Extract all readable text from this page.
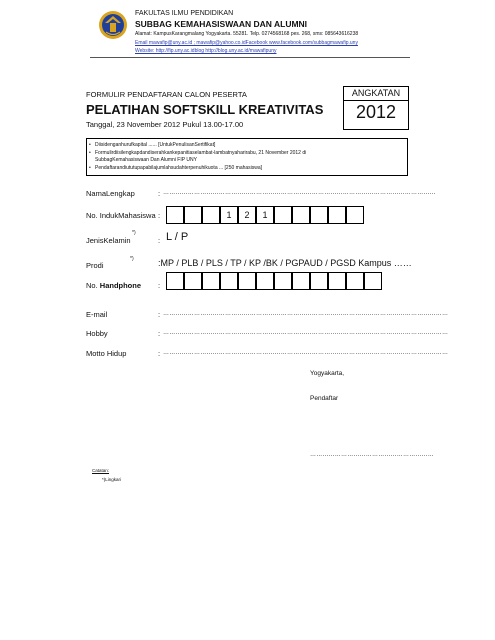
FAKULTAS ILMU PENDIDIKAN
SUBBAG KEMAHASISWAAN DAN ALUMNI
Alamat: KampusKarangmalang Yogyakarta. 55281. Telp. 0274568168 pes. 268, sms: 085643616238
Email mawafip@uny.ac.id ; mawafip@yahoo.co.idFacebook www.facebook.com/subbagmawafip.uny
Website: http://fip.uny.ac.idblog http://blog.uny.ac.id/mawafipuny
FORMULIR PENDAFTARAN CALON PESERTA
PELATIHAN SOFTSKILL KREATIVITAS
Tanggal, 23 November 2012 Pukul 13.00-17.00
ANGKATAN
2012
• Diisidenganhurufkapital ...... [UntukPenulisanSertifikat]
• Formulirdiisilengkapdandiserahkankepanitiaselambat-lambatnyaharirabu, 21 November 2012 di
SubbagKemahasiswaan Dan Alumni FIP UNY
• Pendaftarandiututupapabilajumlahsudahterpenuhikuota ... [250 mahasiswa]
NamaLengkap	: ……………………………………………………………………………………………………………………
No. IndukMahasiswa :	1	2	1
JenisKelamin
*)
: L / P
Prodi
*)	:MP / PLB / PLS / TP / KP /BK / PGPAUD / PGSD Kampus ……
No. Handphone :
E-mail	: …………………………………………………………………………………………………………………………
Hobby	: …………………………………………………………………………………………………………………………
Motto Hidup	: …………………………………………………………………………………………………………………………
Yogyakarta,
Pendaftar
……………………………………………………
Catatan:
*)Lingkari
